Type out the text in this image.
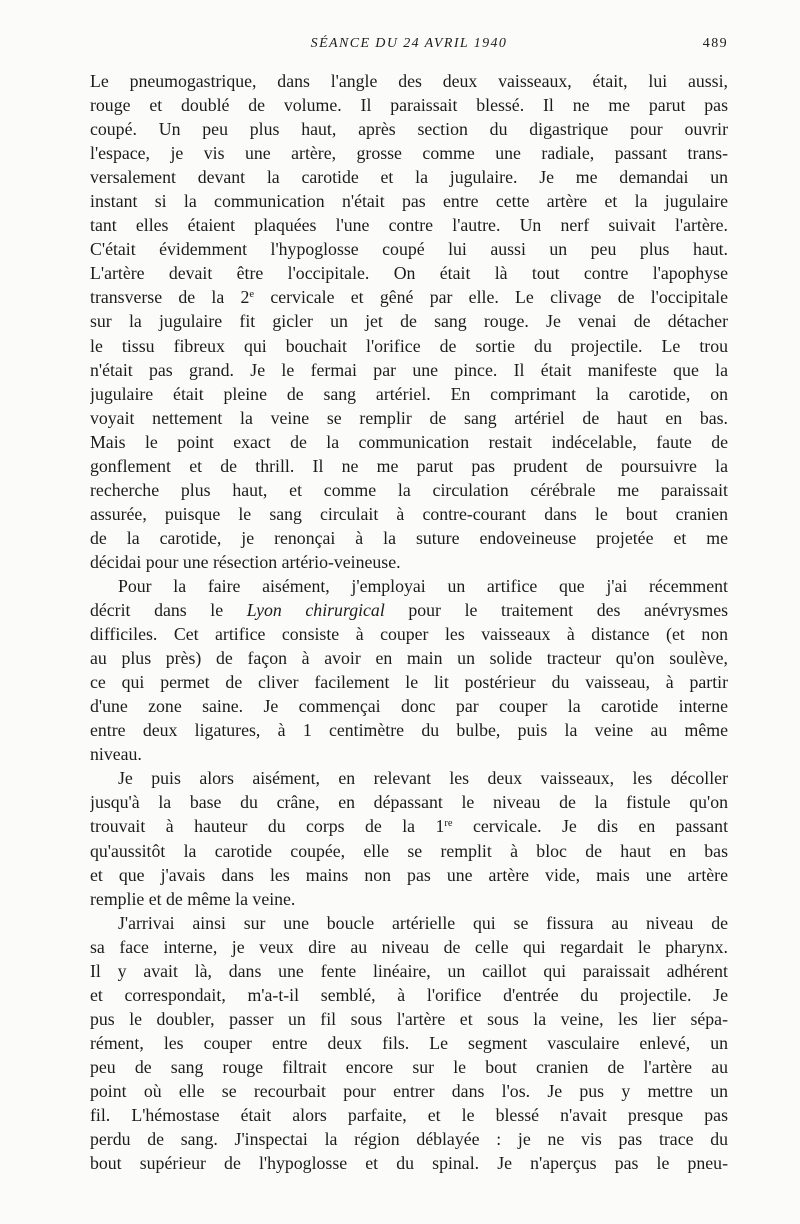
SÉANCE DU 24 AVRIL 1940	489
Le pneumogastrique, dans l'angle des deux vaisseaux, était, lui aussi,
rouge et doublé de volume. Il paraissait blessé. Il ne me parut pas
coupé. Un peu plus haut, après section du digastrique pour ouvrir
l'espace, je vis une artère, grosse comme une radiale, passant trans-
versalement devant la carotide et la jugulaire. Je me demandai un
instant si la communication n'était pas entre cette artère et la jugulaire
tant elles étaient plaquées l'une contre l'autre. Un nerf suivait l'artère.
C'était évidemment l'hypoglosse coupé lui aussi un peu plus haut.
L'artère devait être l'occipitale. On était là tout contre l'apophyse
transverse de la 2e cervicale et gêné par elle. Le clivage de l'occipitale
sur la jugulaire fit gicler un jet de sang rouge. Je venai de détacher
le tissu fibreux qui bouchait l'orifice de sortie du projectile. Le trou
n'était pas grand. Je le fermai par une pince. Il était manifeste que la
jugulaire était pleine de sang artériel. En comprimant la carotide, on
voyait nettement la veine se remplir de sang artériel de haut en bas.
Mais le point exact de la communication restait indécelable, faute de
gonflement et de thrill. Il ne me parut pas prudent de poursuivre la
recherche plus haut, et comme la circulation cérébrale me paraissait
assurée, puisque le sang circulait à contre-courant dans le bout cranien
de la carotide, je renonçai à la suture endoveineuse projetée et me
décidai pour une résection artério-veineuse.
Pour la faire aisément, j'employai un artifice que j'ai récemment
décrit dans le Lyon chirurgical pour le traitement des anévrysmes
difficiles. Cet artifice consiste à couper les vaisseaux à distance (et non
au plus près) de façon à avoir en main un solide tracteur qu'on soulève,
ce qui permet de cliver facilement le lit postérieur du vaisseau, à partir
d'une zone saine. Je commençai donc par couper la carotide interne
entre deux ligatures, à 1 centimètre du bulbe, puis la veine au même
niveau.
Je puis alors aisément, en relevant les deux vaisseaux, les décoller
jusqu'à la base du crâne, en dépassant le niveau de la fistule qu'on
trouvait à hauteur du corps de la 1re cervicale. Je dis en passant
qu'aussitôt la carotide coupée, elle se remplit à bloc de haut en bas
et que j'avais dans les mains non pas une artère vide, mais une artère
remplie et de même la veine.
J'arrivai ainsi sur une boucle artérielle qui se fissura au niveau de
sa face interne, je veux dire au niveau de celle qui regardait le pharynx.
Il y avait là, dans une fente linéaire, un caillot qui paraissait adhérent
et correspondait, m'a-t-il semblé, à l'orifice d'entrée du projectile. Je
pus le doubler, passer un fil sous l'artère et sous la veine, les lier sépa-
rément, les couper entre deux fils. Le segment vasculaire enlevé, un
peu de sang rouge filtrait encore sur le bout cranien de l'artère au
point où elle se recourbait pour entrer dans l'os. Je pus y mettre un
fil. L'hémostase était alors parfaite, et le blessé n'avait presque pas
perdu de sang. J'inspectai la région déblayée : je ne vis pas trace du
bout supérieur de l'hypoglosse et du spinal. Je n'aperçus pas le pneu-
